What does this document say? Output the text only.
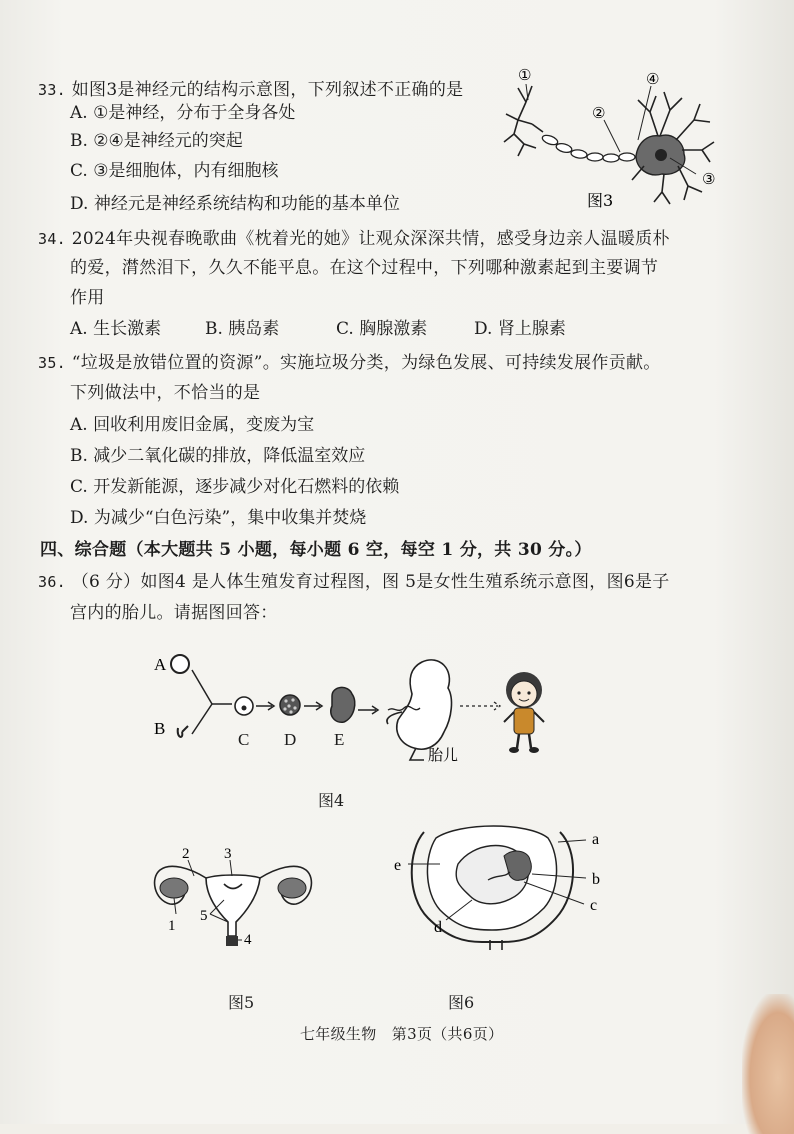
33. 如图3是神经元的结构示意图，下列叙述不正确的是
A. ①是神经，分布于全身各处
B. ②④是神经元的突起
C. ③是细胞体，内有细胞核
D. 神经元是神经系统结构和功能的基本单位
①
②
③
④
图3
34. 2024年央视春晚歌曲《枕着光的她》让观众深深共情，感受身边亲人温暖质朴
的爱，潸然泪下，久久不能平息。在这个过程中，下列哪种激素起到主要调节
作用
A. 生长激素	B. 胰岛素	C. 胸腺激素	D. 肾上腺素
35. “垃圾是放错位置的资源”。实施垃圾分类，为绿色发展、可持续发展作贡献。
下列做法中，不恰当的是
A. 回收利用废旧金属，变废为宝
B. 减少二氧化碳的排放，降低温室效应
C. 开发新能源，逐步减少对化石燃料的依赖
D. 为减少“白色污染”，集中收集并焚烧
四、综合题（本大题共 5 小题，每小题 6 空，每空 1 分，共 30 分。）
36. （6 分）如图4 是人体生殖发育过程图，图 5是女性生殖系统示意图，图6是子
宫内的胎儿。请据图回答：
A
B
胎儿
C D E
图4
1
2 3
4
5
图5
a
b
c
d
e
图6
七年级生物　第3页（共6页）
